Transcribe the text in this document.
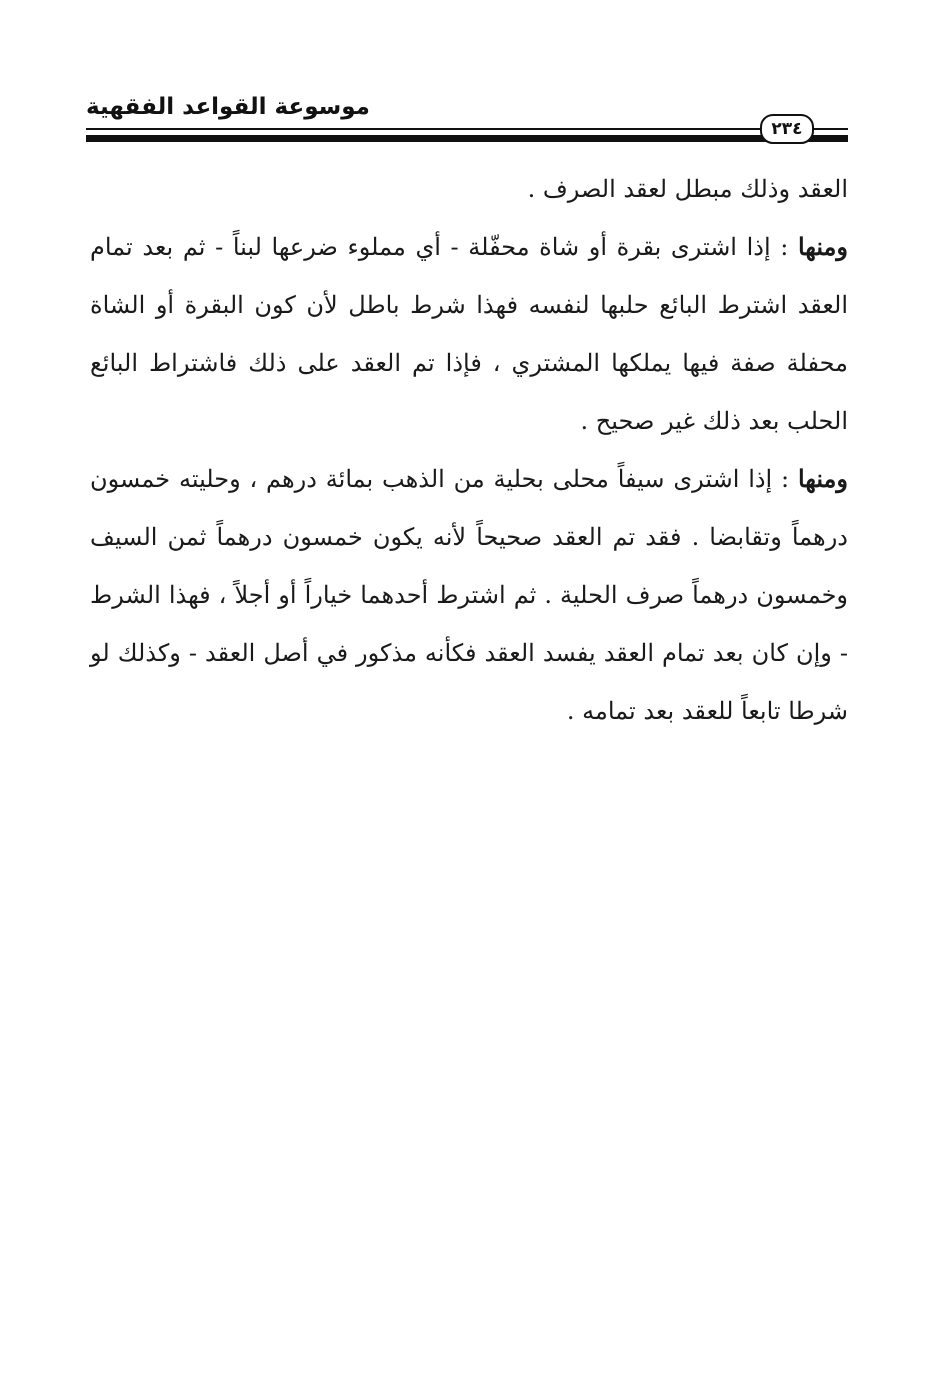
موسوعة القواعد الفقهية
٢٣٤

العقد وذلك مبطل لعقد الصرف .

ومنها : إذا اشترى بقرة أو شاة محفّلة - أي مملوء ضرعها لبناً - ثم بعد تمام العقد اشترط البائع حلبها لنفسه فهذا شرط باطل لأن كون البقرة أو الشاة محفلة صفة فيها يملكها المشتري ، فإذا تم العقد على ذلك فاشتراط البائع الحلب بعد ذلك غير صحيح .

ومنها : إذا اشترى سيفاً محلى بحلية من الذهب بمائة درهم ، وحليته خمسون درهماً وتقابضا . فقد تم العقد صحيحاً لأنه يكون خمسون درهماً ثمن السيف وخمسون درهماً صرف الحلية . ثم اشترط أحدهما خياراً أو أجلاً ، فهذا الشرط - وإن كان بعد تمام العقد يفسد العقد فكأنه مذكور في أصل العقد - وكذلك لو شرطا تابعاً للعقد بعد تمامه .
